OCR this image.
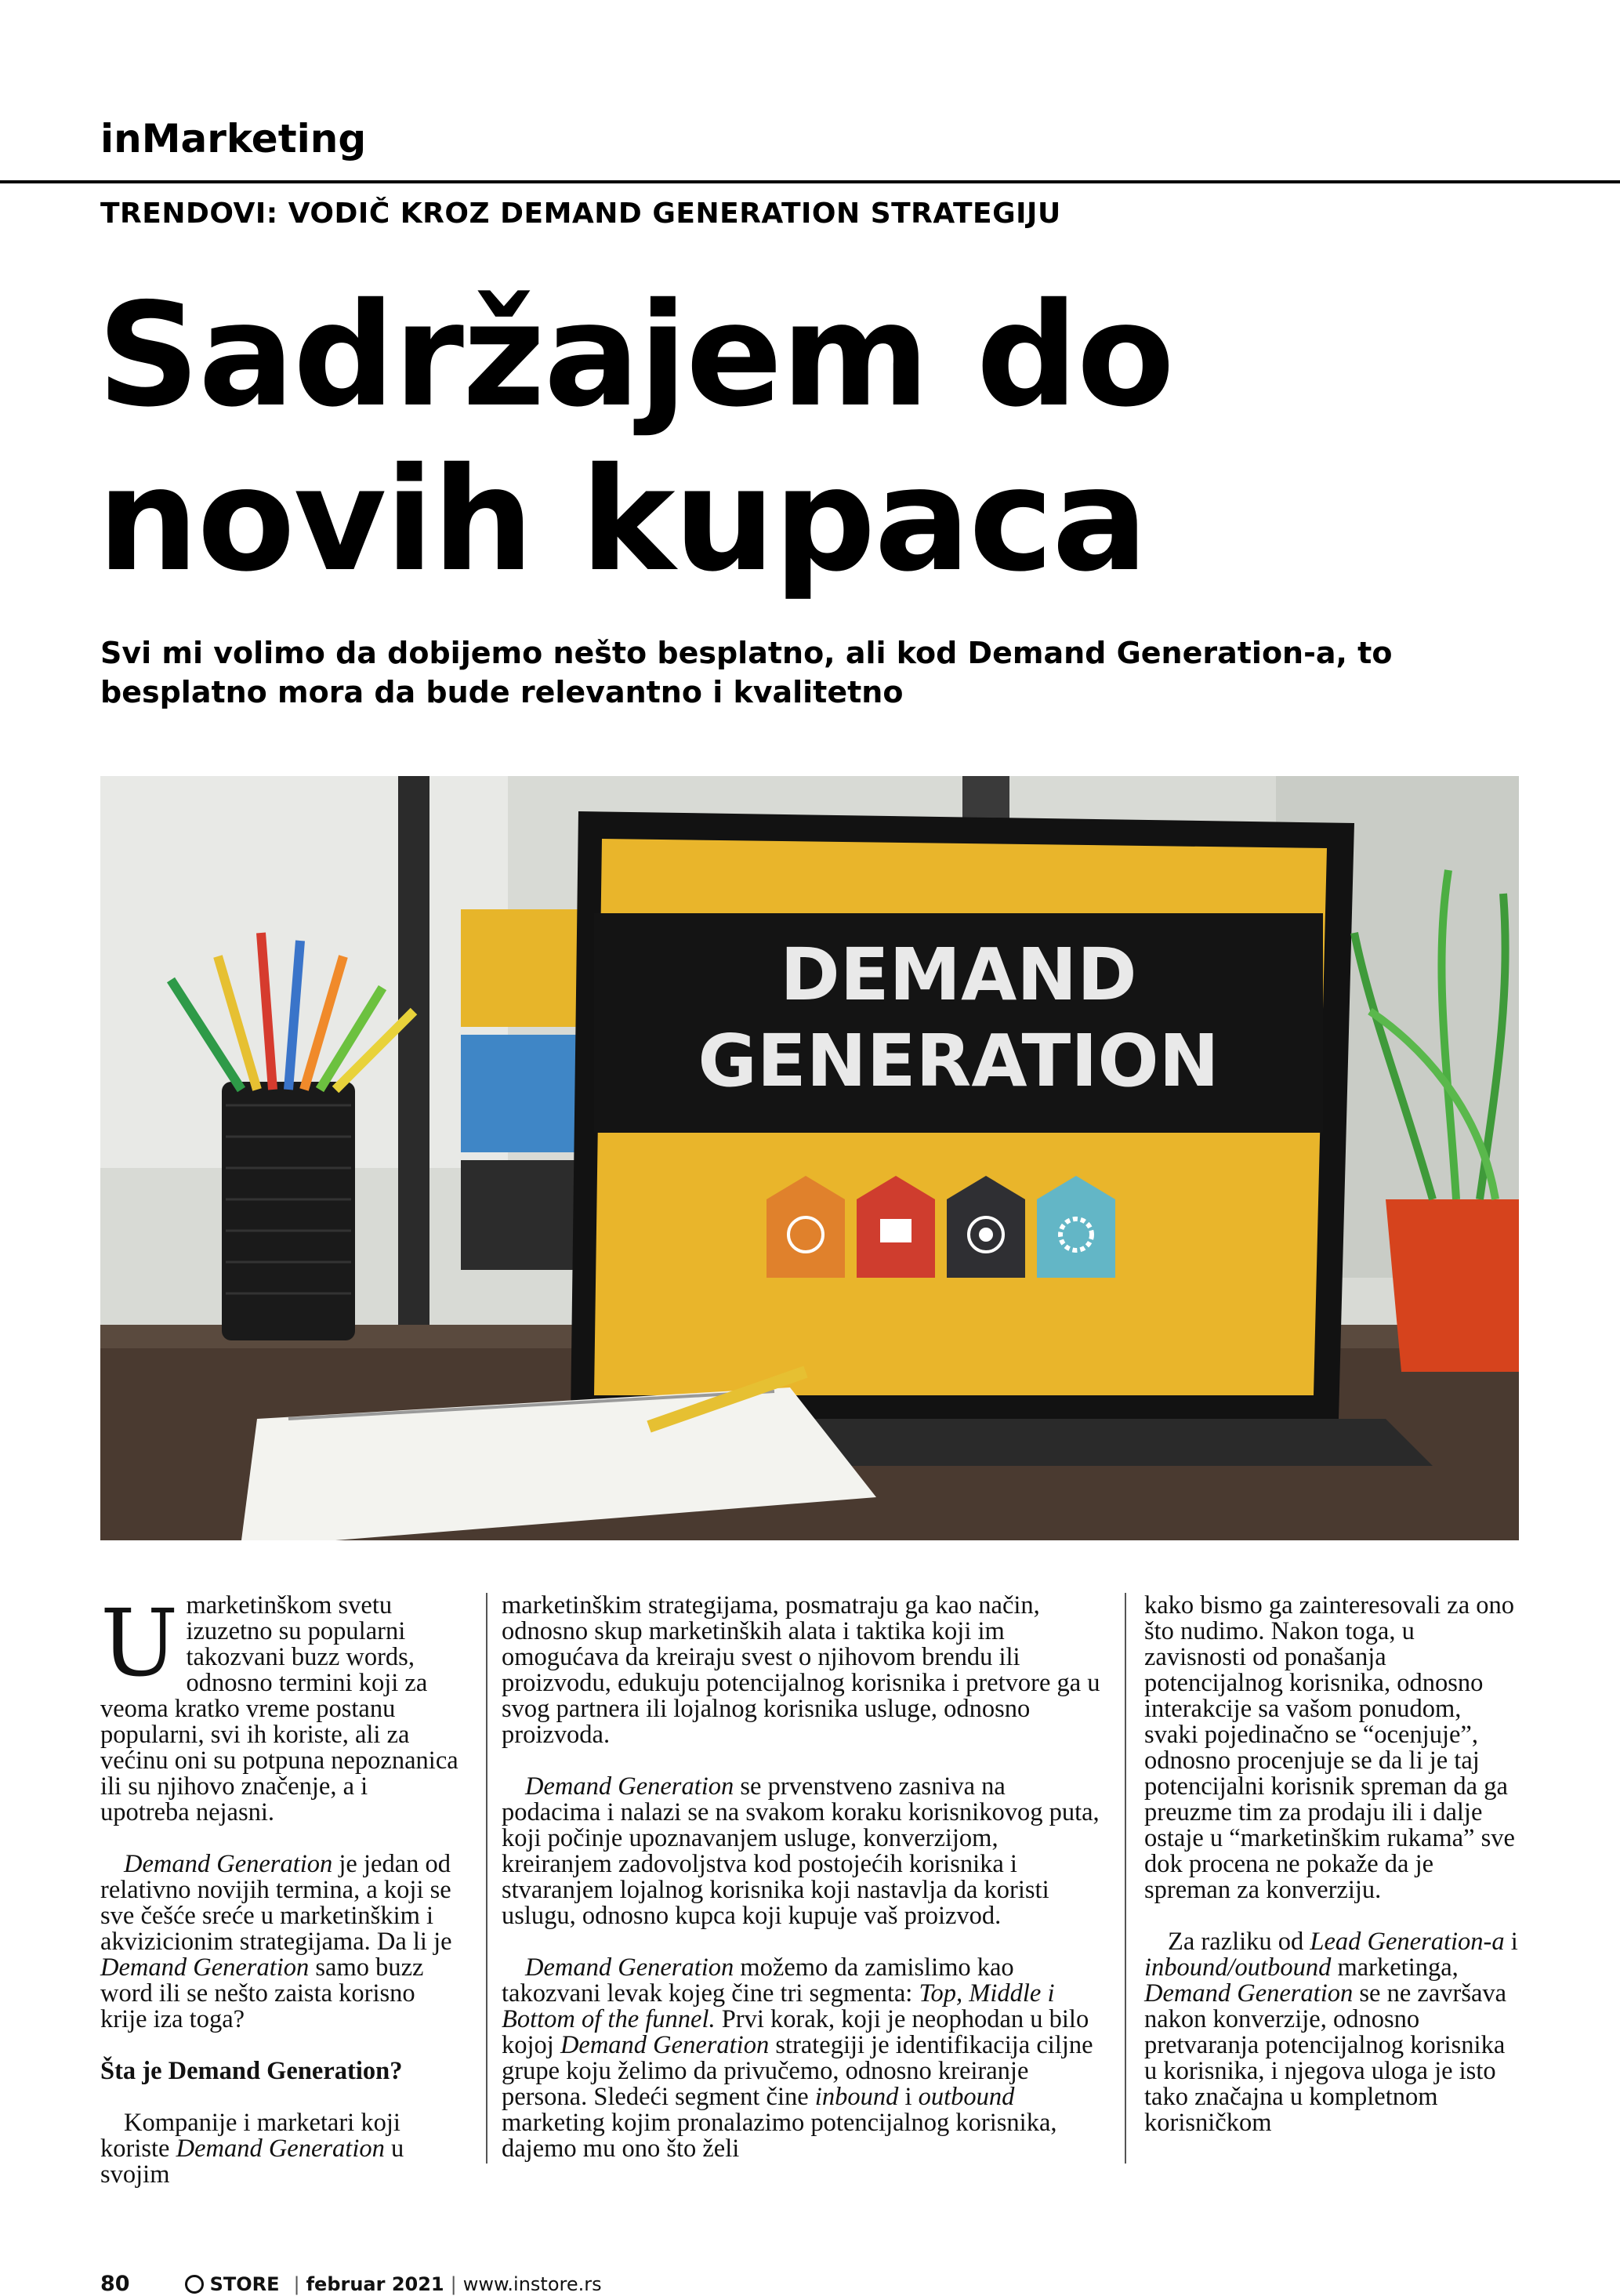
inMarketing
TRENDOVI: VODIČ KROZ DEMAND GENERATION STRATEGIJU
Sadržajem do
novih kupaca
Svi mi volimo da dobijemo nešto besplatno, ali kod Demand Generation-a, to besplatno mora da bude relevantno i kvalitetno
DEMAND
GENERATION

Umarketinškom svetu izuzetno su popularni takozvani buzz words, odnosno termini koji za veoma kratko vreme postanu popularni, svi ih koriste, ali za većinu oni su potpuna nepoznanica ili su njihovo značenje, a i upotreba nejasni.

Demand Generation je jedan od relativno novijih termina, a koji se sve češće sreće u marketinškim i akvizicionim strategijama. Da li je Demand Generation samo buzz word ili se nešto zaista korisno krije iza toga?

Šta je Demand Generation?

Kompanije i marketari koji koriste Demand Generation u svojim

marketinškim strategijama, posmatraju ga kao način, odnosno skup marketinških alata i taktika koji im omogućava da kreiraju svest o njihovom brendu ili proizvodu, edukuju potencijalnog korisnika i pretvore ga u svog partnera ili lojalnog korisnika usluge, odnosno proizvoda.

Demand Generation se prvenstveno zasniva na podacima i nalazi se na svakom koraku korisnikovog puta, koji počinje upoznavanjem usluge, konverzijom, kreiranjem zadovoljstva kod postojećih korisnika i stvaranjem lojalnog korisnika koji nastavlja da koristi uslugu, odnosno kupca koji kupuje vaš proizvod.

Demand Generation možemo da zamislimo kao takozvani levak kojeg čine tri segmenta: Top, Middle i Bottom of the funnel. Prvi korak, koji je neophodan u bilo kojoj Demand Generation strategiji je identifikacija ciljne grupe koju želimo da privučemo, odnosno kreiranje persona. Sledeći segment čine inbound i outbound marketing kojim pronalazimo potencijalnog korisnika, dajemo mu ono što želi

kako bismo ga zainteresovali za ono što nudimo. Nakon toga, u zavisnosti od ponašanja potencijalnog korisnika, odnosno interakcije sa vašom ponudom, svaki pojedinačno se “ocenjuje”, odnosno procenjuje se da li je taj potencijalni korisnik spreman da ga preuzme tim za prodaju ili i dalje ostaje u “marketinškim rukama” sve dok procena ne pokaže da je spreman za konverziju.

Za razliku od Lead Generation-a i inbound/outbound marketinga, Demand Generation se ne završava nakon konverzije, odnosno pretvaranja potencijalnog korisnika u korisnika, i njegova uloga je isto tako značajna u kompletnom korisničkom

80	STORE | februar 2021 | www.instore.rs
